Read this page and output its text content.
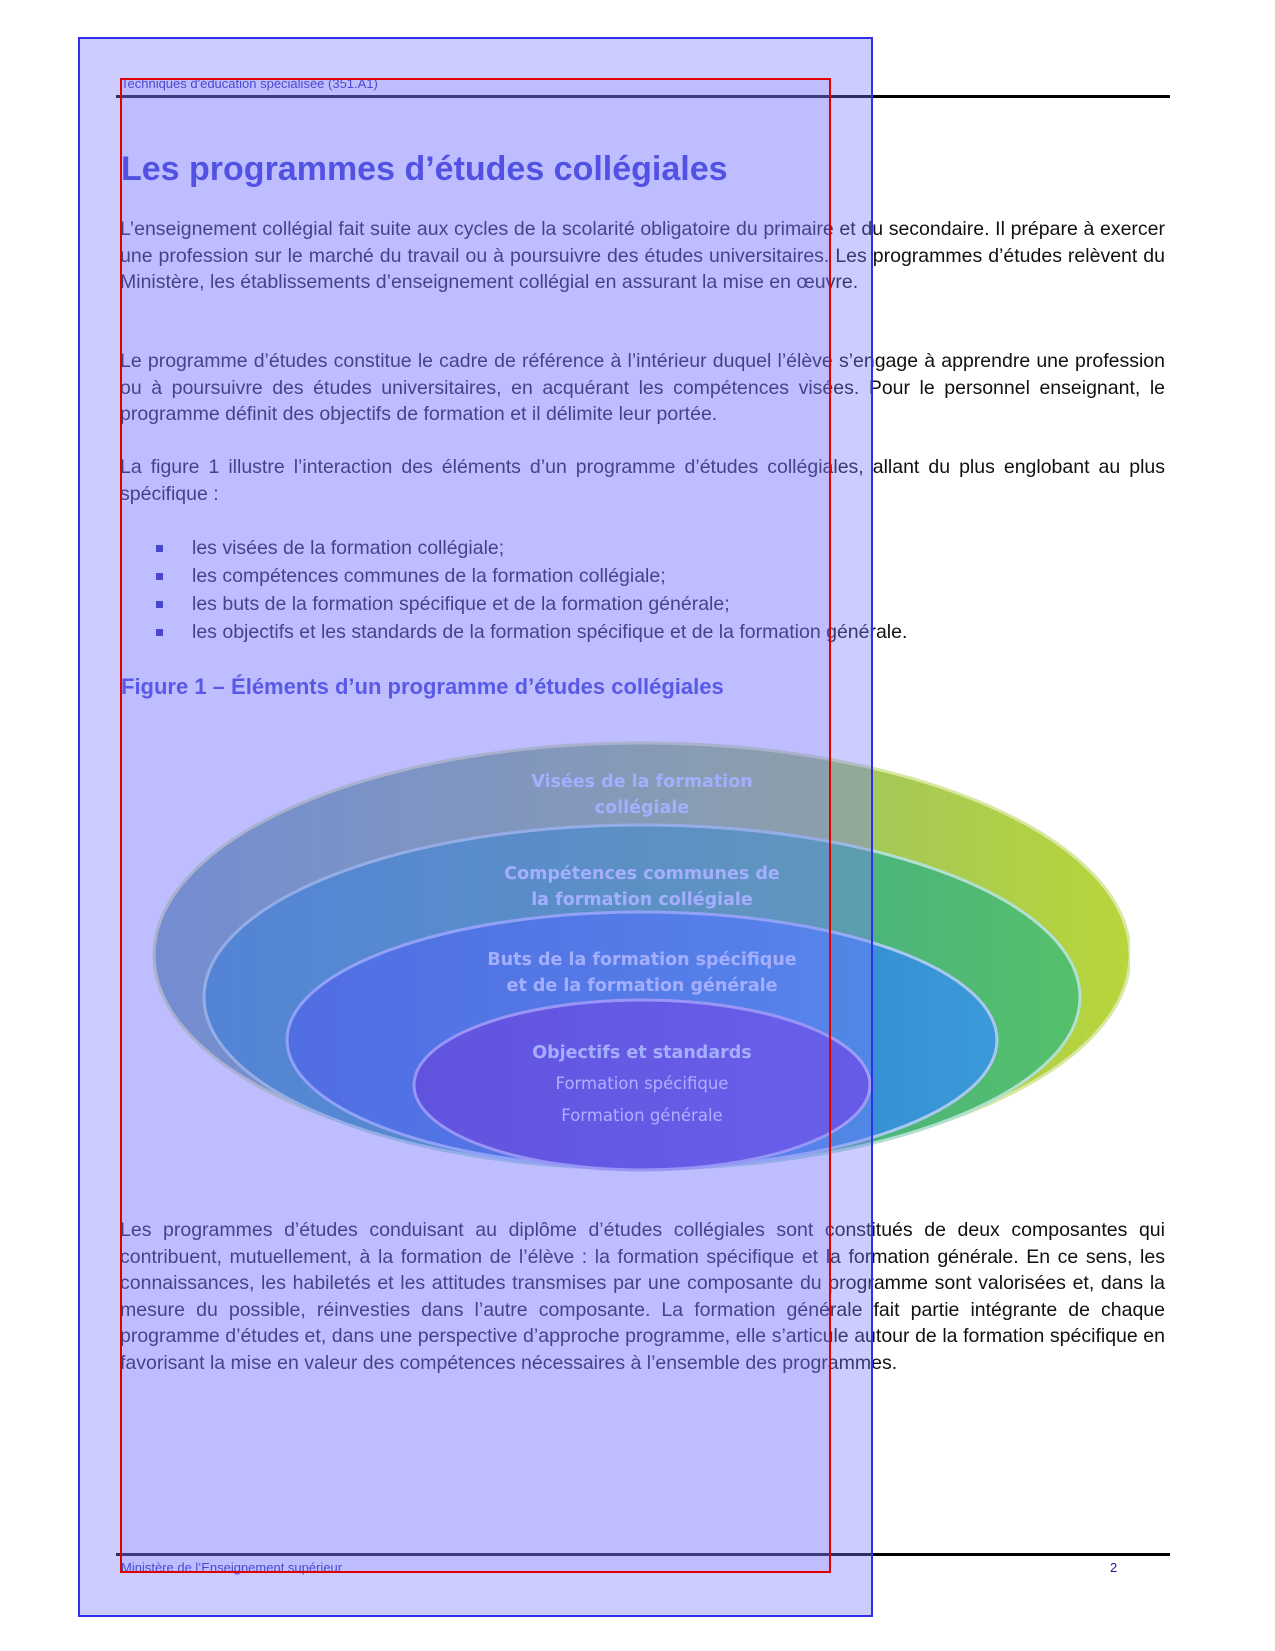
Techniques d'éducation spécialisée (351.A1)
Les programmes d’études collégiales

L’enseignement collégial fait suite aux cycles de la scolarité obligatoire du primaire et du secondaire. Il prépare à exercer une profession sur le marché du travail ou à poursuivre des études universitaires. Les programmes d’études relèvent du Ministère, les établissements d’enseignement collégial en assurant la mise en œuvre.

Le programme d’études constitue le cadre de référence à l’intérieur duquel l’élève s’engage à apprendre une profession ou à poursuivre des études universitaires, en acquérant les compétences visées. Pour le personnel enseignant, le programme définit des objectifs de formation et il délimite leur portée.

La figure 1 illustre l’interaction des éléments d’un programme d’études collégiales, allant du plus englobant au plus spécifique :

les visées de la formation collégiale;
les compétences communes de la formation collégiale;
les buts de la formation spécifique et de la formation générale;
les objectifs et les standards de la formation spécifique et de la formation générale.

Figure 1 – Éléments d’un programme d’études collégiales

Visées de la formation
collégiale
Compétences communes de
la formation collégiale
Buts de la formation spécifique
et de la formation générale
Objectifs et standards
Formation spécifique
Formation générale

Les programmes d’études conduisant au diplôme d’études collégiales sont constitués de deux composantes qui contribuent, mutuellement, à la formation de l’élève : la formation spécifique et la formation générale. En ce sens, les connaissances, les habiletés et les attitudes transmises par une composante du programme sont valorisées et, dans la mesure du possible, réinvesties dans l’autre composante. La formation générale fait partie intégrante de chaque programme d’études et, dans une perspective d’approche programme, elle s’articule autour de la formation spécifique en favorisant la mise en valeur des compétences nécessaires à l’ensemble des programmes.

Ministère de l’Enseignement supérieur	2
